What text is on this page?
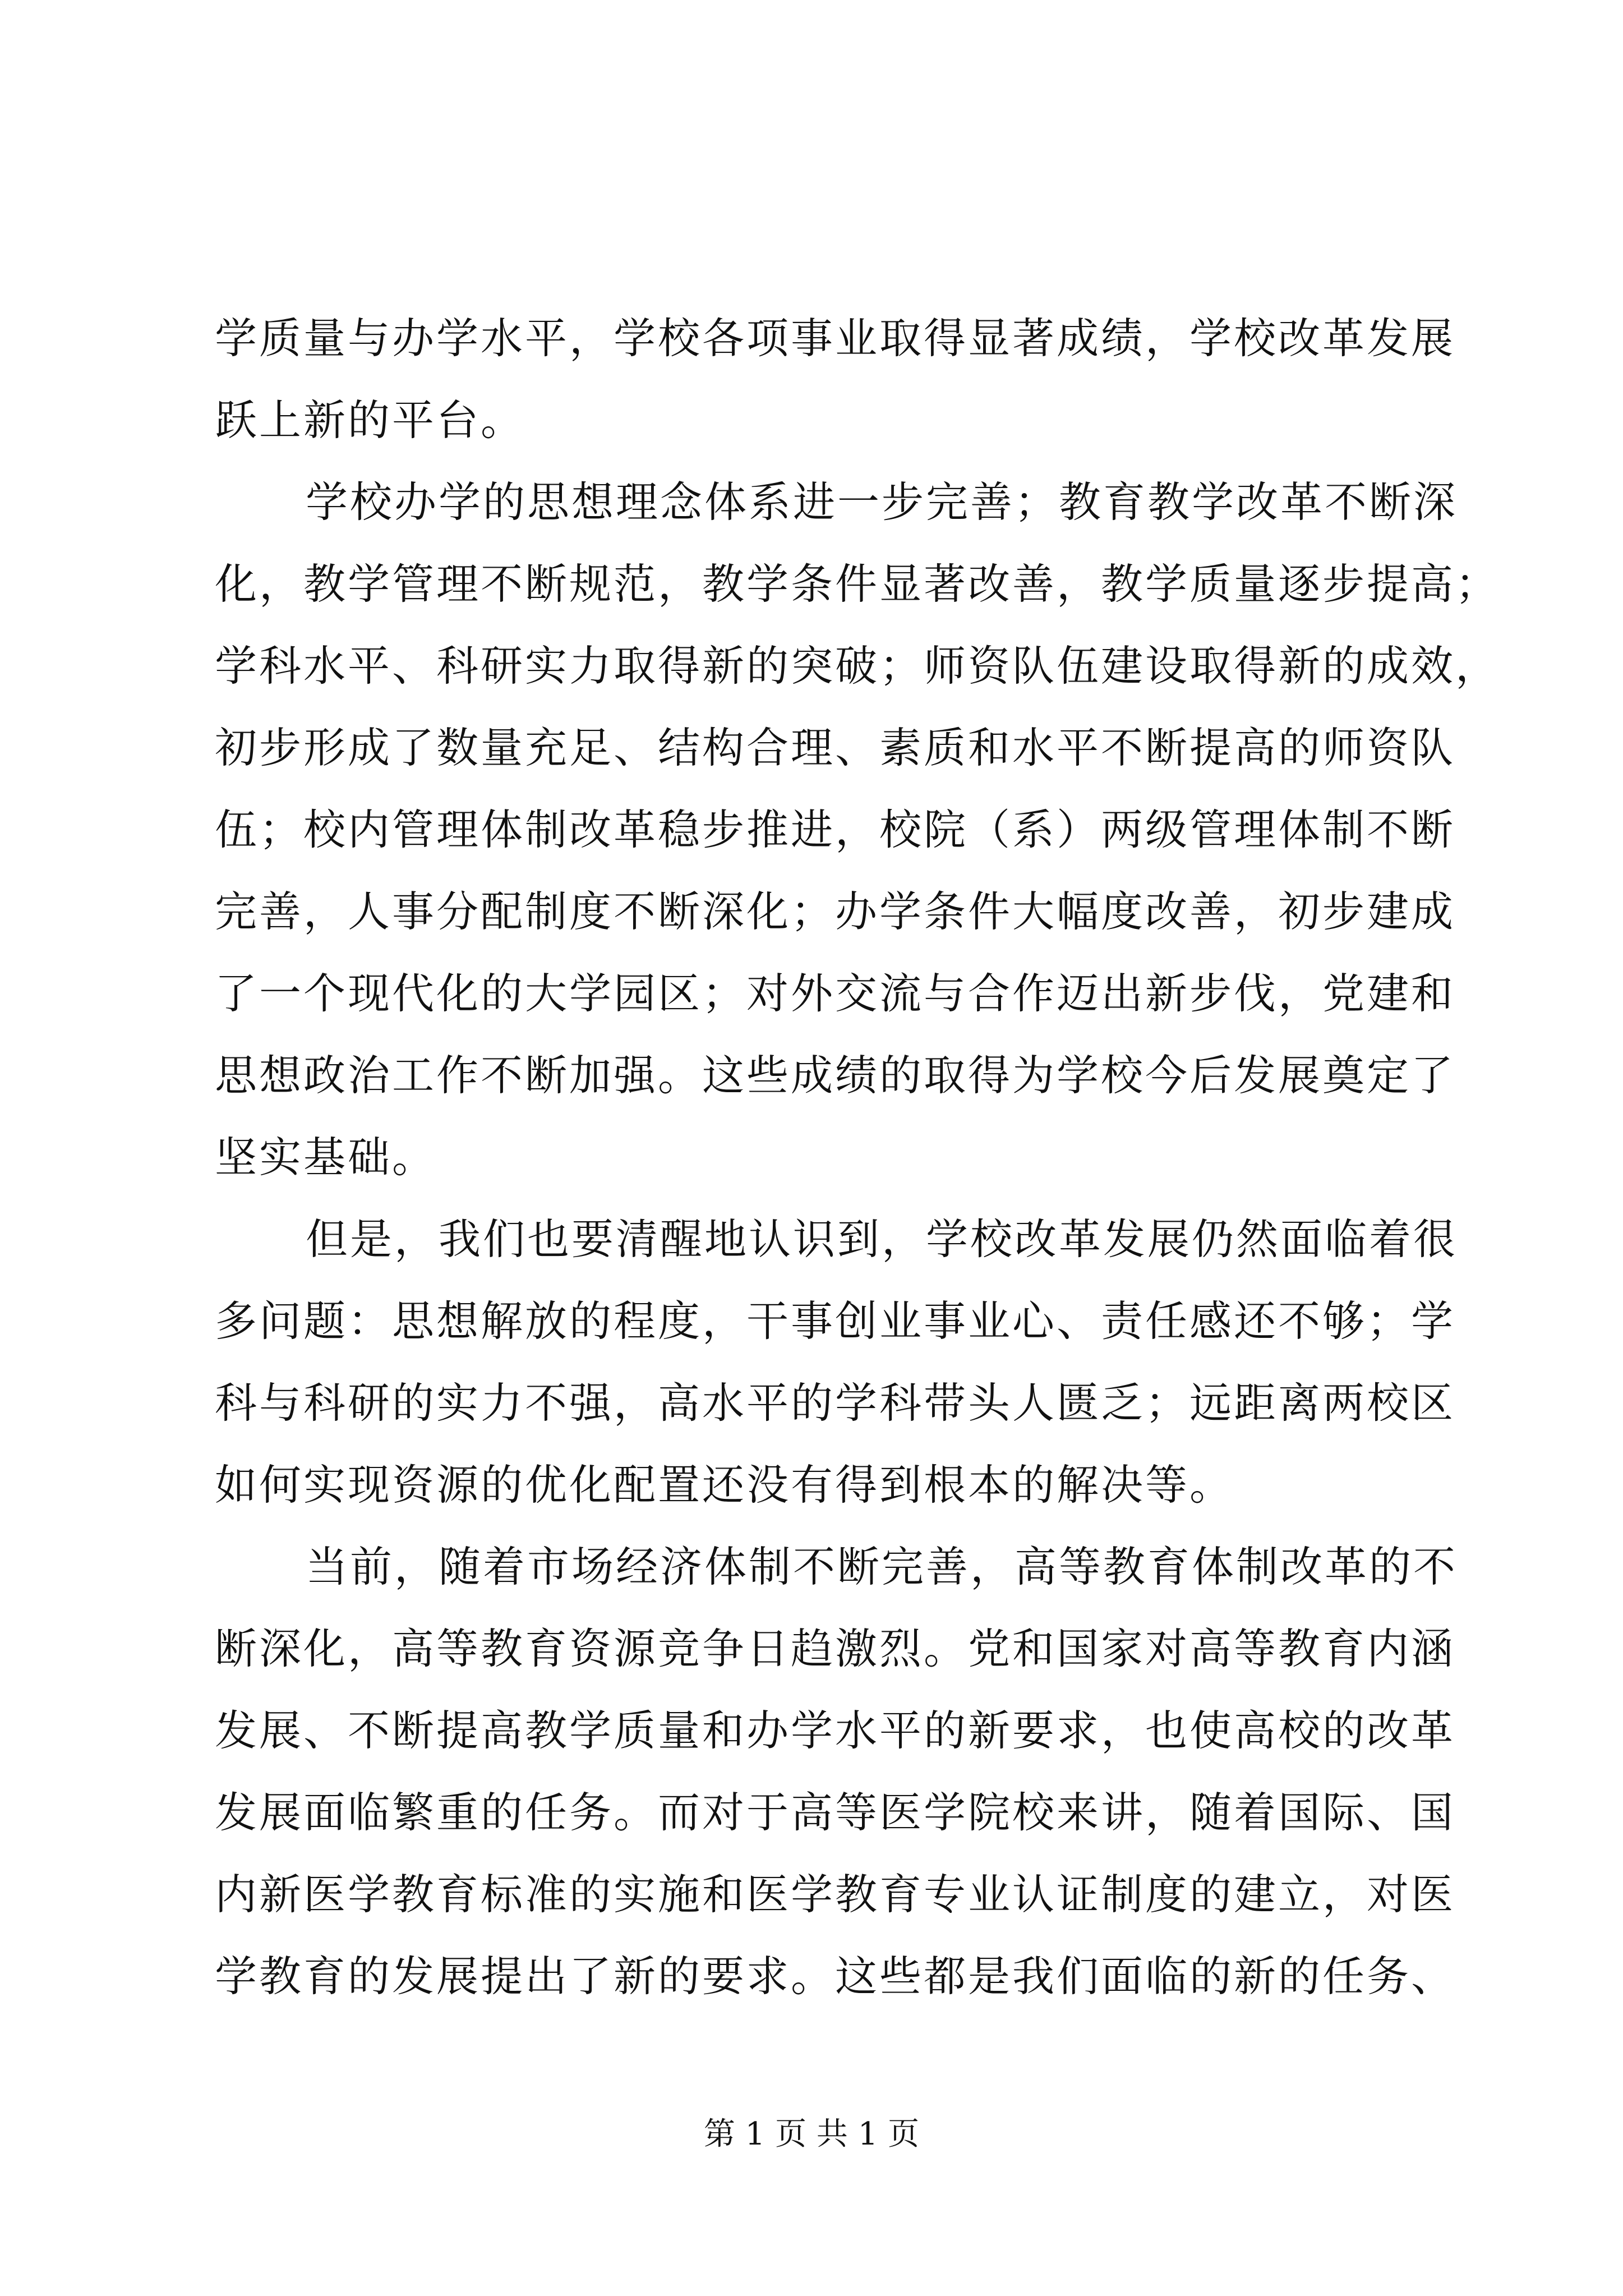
学质量与办学水平，学校各项事业取得显著成绩，学校改革发展
跃上新的平台。
学校办学的思想理念体系进一步完善；教育教学改革不断深
化，教学管理不断规范，教学条件显著改善，教学质量逐步提高；
学科水平、科研实力取得新的突破；师资队伍建设取得新的成效，
初步形成了数量充足、结构合理、素质和水平不断提高的师资队
伍；校内管理体制改革稳步推进，校院（系）两级管理体制不断
完善，人事分配制度不断深化；办学条件大幅度改善，初步建成
了一个现代化的大学园区；对外交流与合作迈出新步伐，党建和
思想政治工作不断加强。这些成绩的取得为学校今后发展奠定了
坚实基础。
但是，我们也要清醒地认识到，学校改革发展仍然面临着很
多问题：思想解放的程度，干事创业事业心、责任感还不够；学
科与科研的实力不强，高水平的学科带头人匮乏；远距离两校区
如何实现资源的优化配置还没有得到根本的解决等。
当前，随着市场经济体制不断完善，高等教育体制改革的不
断深化，高等教育资源竞争日趋激烈。党和国家对高等教育内涵
发展、不断提高教学质量和办学水平的新要求，也使高校的改革
发展面临繁重的任务。而对于高等医学院校来讲，随着国际、国
内新医学教育标准的实施和医学教育专业认证制度的建立，对医
学教育的发展提出了新的要求。这些都是我们面临的新的任务、
第 1 页 共 1 页
